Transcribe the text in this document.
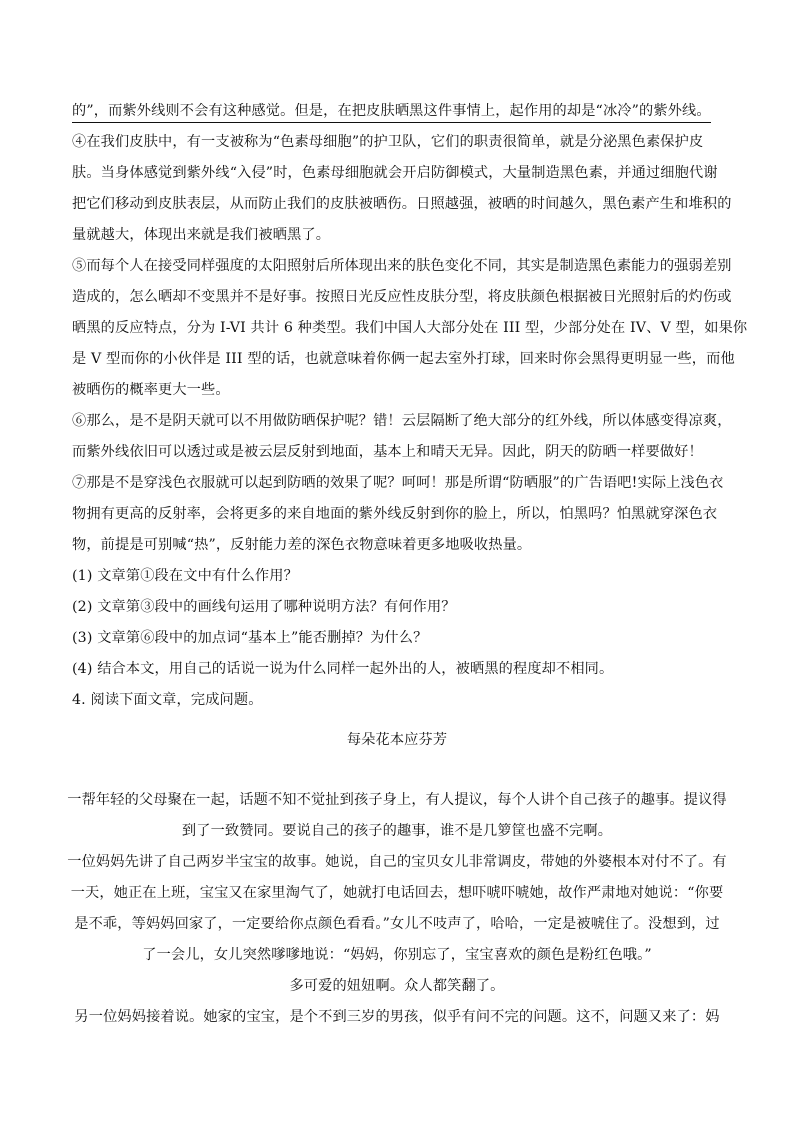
的”，而紫外线则不会有这种感觉。但是，在把皮肤晒黑这件事情上，起作用的却是“冰冷”的紫外线。
④在我们皮肤中，有一支被称为“色素母细胞”的护卫队，它们的职责很简单，就是分泌黑色素保护皮
肤。当身体感觉到紫外线“入侵”时，色素母细胞就会开启防御模式，大量制造黑色素，并通过细胞代谢
把它们移动到皮肤表层，从而防止我们的皮肤被晒伤。日照越强，被晒的时间越久，黑色素产生和堆积的
量就越大，体现出来就是我们被晒黑了。
⑤而每个人在接受同样强度的太阳照射后所体现出来的肤色变化不同，其实是制造黑色素能力的强弱差别
造成的，怎么晒却不变黑并不是好事。按照日光反应性皮肤分型，将皮肤颜色根据被日光照射后的灼伤或
晒黑的反应特点，分为 I-VI 共计 6 种类型。我们中国人大部分处在 III 型，少部分处在 IV、V 型，如果你
是 V 型而你的小伙伴是 III 型的话，也就意味着你俩一起去室外打球，回来时你会黑得更明显一些，而他
被晒伤的概率更大一些。
⑥那么，是不是阴天就可以不用做防晒保护呢？错！云层隔断了绝大部分的红外线，所以体感变得凉爽，
而紫外线依旧可以透过或是被云层反射到地面，基本上和晴天无异。因此，阴天的防晒一样要做好！
⑦那是不是穿浅色衣服就可以起到防晒的效果了呢？呵呵！那是所谓“防晒服”的广告语吧!实际上浅色衣
物拥有更高的反射率，会将更多的来自地面的紫外线反射到你的脸上，所以，怕黑吗？怕黑就穿深色衣
物，前提是可别喊“热”，反射能力差的深色衣物意味着更多地吸收热量。
(1) 文章第①段在文中有什么作用？
(2) 文章第③段中的画线句运用了哪种说明方法？有何作用？
(3) 文章第⑥段中的加点词“基本上”能否删掉？为什么？
(4) 结合本文，用自己的话说一说为什么同样一起外出的人，被晒黑的程度却不相同。
4. 阅读下面文章，完成问题。
每朵花本应芬芳
一帮年轻的父母聚在一起，话题不知不觉扯到孩子身上，有人提议，每个人讲个自己孩子的趣事。提议得
到了一致赞同。要说自己的孩子的趣事，谁不是几箩筐也盛不完啊。
一位妈妈先讲了自己两岁半宝宝的故事。她说，自己的宝贝女儿非常调皮，带她的外婆根本对付不了。有
一天，她正在上班，宝宝又在家里淘气了，她就打电话回去，想吓唬吓唬她，故作严肃地对她说：“你要
是不乖，等妈妈回家了，一定要给你点颜色看看。”女儿不吱声了，哈哈，一定是被唬住了。没想到，过
了一会儿，女儿突然嗲嗲地说：“妈妈，你别忘了，宝宝喜欢的颜色是粉红色哦。”
多可爱的妞妞啊。众人都笑翻了。
另一位妈妈接着说。她家的宝宝，是个不到三岁的男孩，似乎有问不完的问题。这不，问题又来了：妈
